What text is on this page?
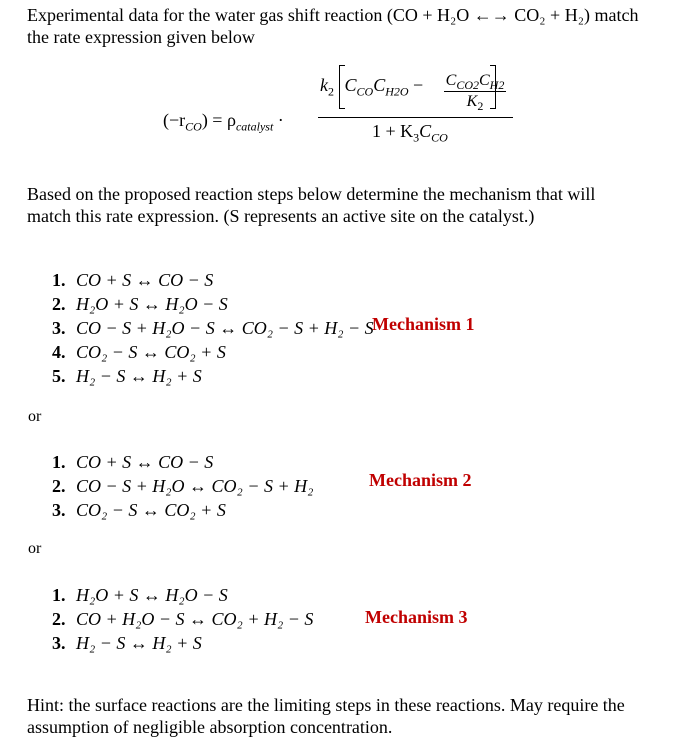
Experimental data for the water gas shift reaction (CO + H₂O ←→ CO₂ + H₂) match
the rate expression given below
$(-r_{CO}) = \rho_{catalyst}$ ·
$k_2$ $C_{CO}C_{H2O}$ −	$C_{CO2}C_{H2}$
$K_2$
$1 + K_3C_{CO}$
Based on the proposed reaction steps below determine the mechanism that will
match this rate expression. (S represents an active site on the catalyst.)
1. CO + S ↔ CO − S
2. H₂O + S ↔ H₂O − S
3. CO − S + H₂O − S ↔ CO₂ − S + H₂ − S
4. CO₂ − S ↔ CO₂ + S
5. H₂ − S ↔ H₂ + S
Mechanism 1
or
1. CO + S ↔ CO − S
2. CO − S + H₂O ↔ CO₂ − S + H₂
3. CO₂ − S ↔ CO₂ + S
Mechanism 2
or
1. H₂O + S ↔ H₂O − S
2. CO + H₂O − S ↔ CO₂ + H₂ − S
3. H₂ − S ↔ H₂ + S
Mechanism 3
Hint: the surface reactions are the limiting steps in these reactions. May require the
assumption of negligible absorption concentration.
